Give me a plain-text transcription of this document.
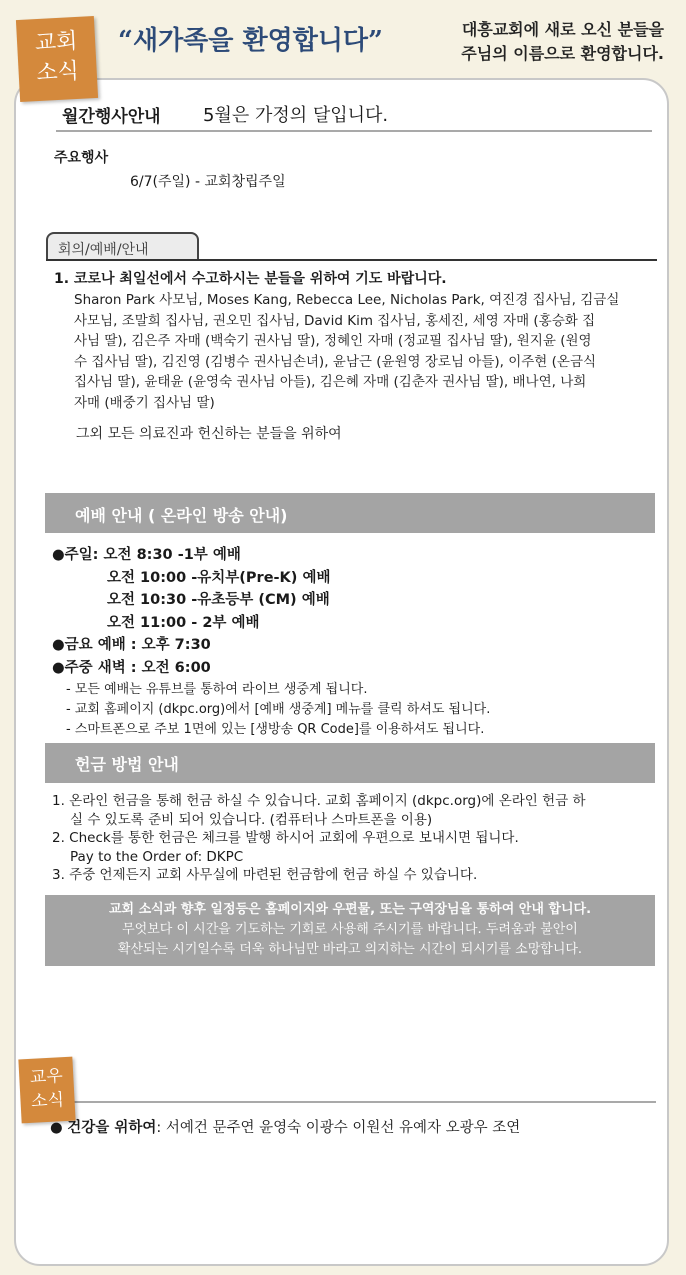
교회
소식
“새가족을 환영합니다”	대흥교회에 새로 오신 분들을
주님의 이름으로 환영합니다.
월간행사안내 5월은 가정의 달입니다.
주요행사
6/7(주일) - 교회창립주일
회의/예배/안내
1. 코로나 최일선에서 수고하시는 분들을 위하여 기도 바랍니다.
Sharon Park 사모님, Moses Kang, Rebecca Lee, Nicholas Park, 여진경 집사님, 김금실
사모님, 조말희 집사님, 권오민 집사님, David Kim 집사님, 홍세진, 세영 자매 (홍승화 집
사님 딸), 김은주 자매 (백숙기 권사님 딸), 정혜인 자매 (정교필 집사님 딸), 원지윤 (원영
수 집사님 딸), 김진영 (김병수 권사님손녀), 윤남근 (윤원영 장로님 아들), 이주현 (온금식
집사님 딸), 윤태윤 (윤영숙 권사님 아들), 김은혜 자매 (김춘자 권사님 딸), 배나연, 나희
자매 (배중기 집사님 딸)
그외 모든 의료진과 헌신하는 분들을 위하여
예배 안내 ( 온라인 방송 안내)
●주일: 오전 8:30 -1부 예배
오전 10:00 -유치부(Pre-K) 예배
오전 10:30 -유초등부 (CM) 예배
오전 11:00 - 2부 예배
●금요 예배 : 오후 7:30
●주중 새벽 : 오전 6:00
- 모든 예배는 유튜브를 통하여 라이브 생중계 됩니다.
- 교회 홈페이지 (dkpc.org)에서 [예배 생중계] 메뉴를 클릭 하셔도 됩니다.
- 스마트폰으로 주보 1면에 있는 [생방송 QR Code]를 이용하셔도 됩니다.
헌금 방법 안내
1. 온라인 헌금을 통해 헌금 하실 수 있습니다. 교회 홈페이지 (dkpc.org)에 온라인 헌금 하
실 수 있도록 준비 되어 있습니다. (컴퓨터나 스마트폰을 이용)
2. Check를 통한 헌금은 체크를 발행 하시어 교회에 우편으로 보내시면 됩니다.
Pay to the Order of: DKPC
3. 주중 언제든지 교회 사무실에 마련된 헌금함에 헌금 하실 수 있습니다.
교회 소식과 향후 일정등은 홈페이지와 우편물, 또는 구역장님을 통하여 안내 합니다.
무엇보다 이 시간을 기도하는 기회로 사용해 주시기를 바랍니다. 두려움과 불안이
확산되는 시기일수록 더욱 하나님만 바라고 의지하는 시간이 되시기를 소망합니다.
교우
소식
● 건강을 위하여: 서예건 문주연 윤영숙 이광수 이원선 유예자 오광우 조연
